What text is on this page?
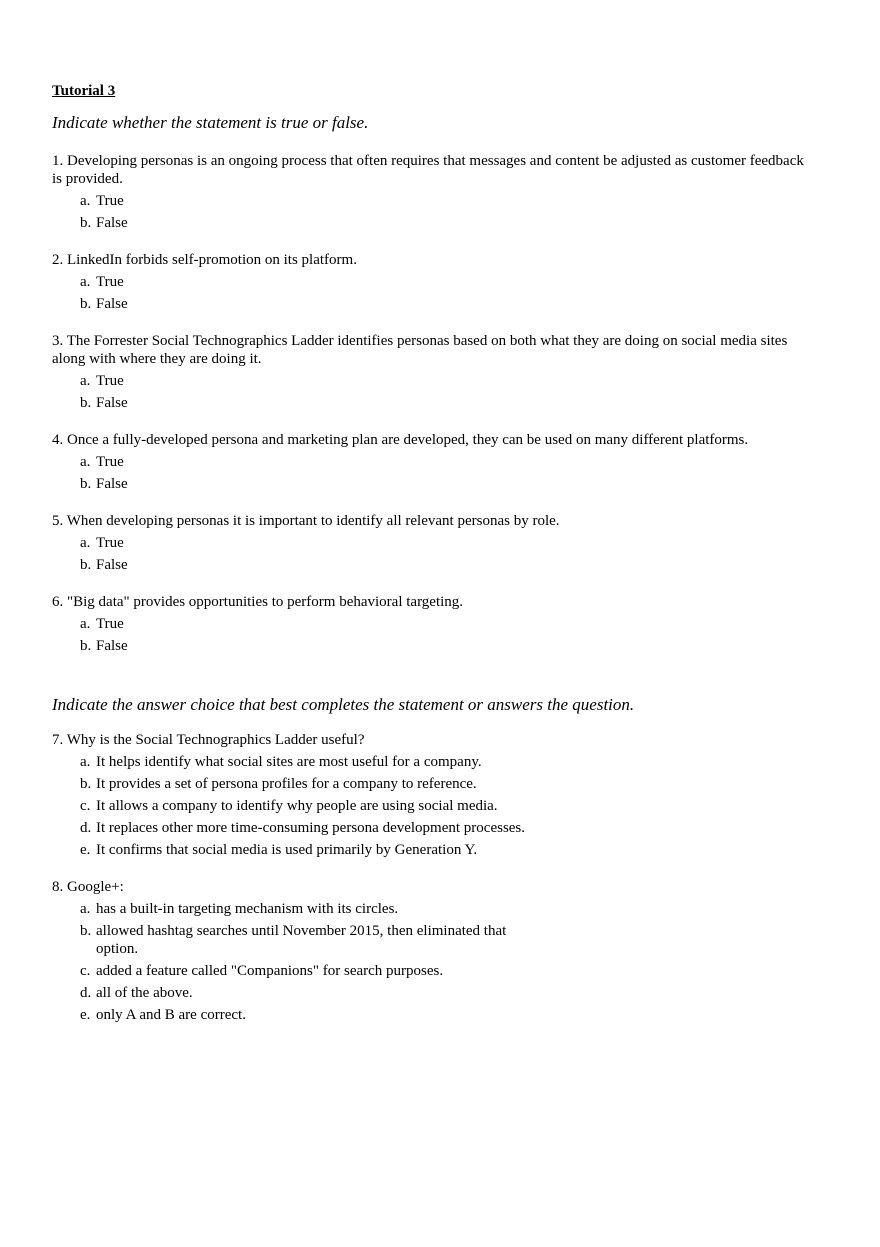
Tutorial 3

Indicate whether the statement is true or false.

1. Developing personas is an ongoing process that often requires that messages and content be adjusted as customer feedback is provided.

a. True
b. False

2. LinkedIn forbids self-promotion on its platform.

a. True
b. False

3. The Forrester Social Technographics Ladder identifies personas based on both what they are doing on social media sites along with where they are doing it.

a. True
b. False

4. Once a fully-developed persona and marketing plan are developed, they can be used on many different platforms.

a. True
b. False

5. When developing personas it is important to identify all relevant personas by role.

a. True
b. False

6. "Big data" provides opportunities to perform behavioral targeting.

a. True
b. False

Indicate the answer choice that best completes the statement or answers the question.

7. Why is the Social Technographics Ladder useful?

a. It helps identify what social sites are most useful for a company.
b. It provides a set of persona profiles for a company to reference.
c. It allows a company to identify why people are using social media.
d. It replaces other more time-consuming persona development processes.
e. It confirms that social media is used primarily by Generation Y.

8. Google+:

a. has a built-in targeting mechanism with its circles.
b. allowed hashtag searches until November 2015, then eliminated that option.
c. added a feature called "Companions" for search purposes.
d. all of the above.
e. only A and B are correct.
